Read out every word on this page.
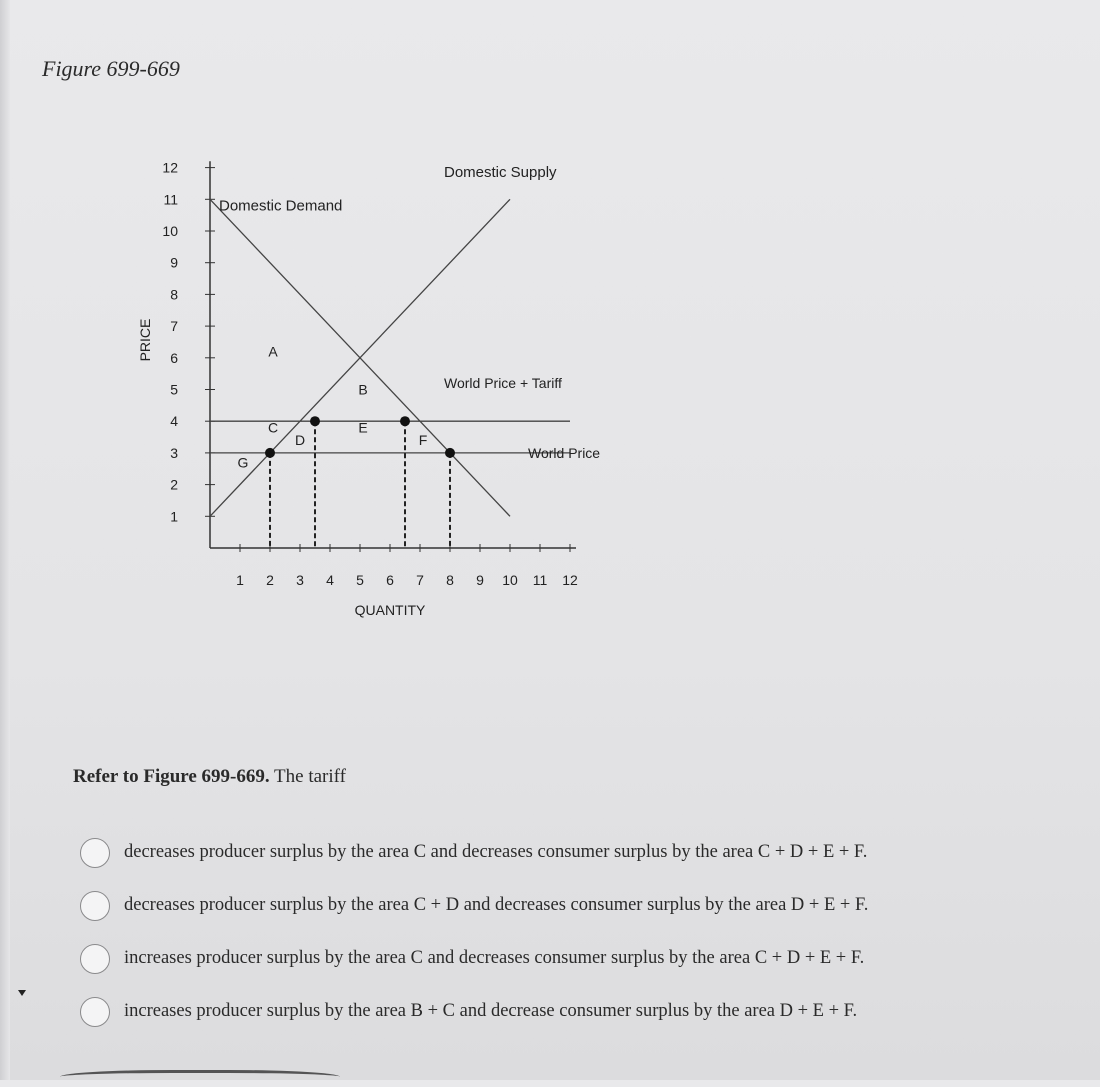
Figure 699-669
1
2
3
4
5
6
7
8
9
10
11
12
1 2 3 4 5 6 7 8 9 10 11 12
QUANTITY
PRICE	A
B
C
D
E
F
G
Domestic Demand
Domestic Supply
World Price + Tariff
World Price
Refer to Figure 699-669. The tariff
decreases producer surplus by the area C and decreases consumer surplus by the area C + D + E + F.
decreases producer surplus by the area C + D and decreases consumer surplus by the area D + E + F.
increases producer surplus by the area C and decreases consumer surplus by the area C + D + E + F.
increases producer surplus by the area B + C and decrease consumer surplus by the area D + E + F.
